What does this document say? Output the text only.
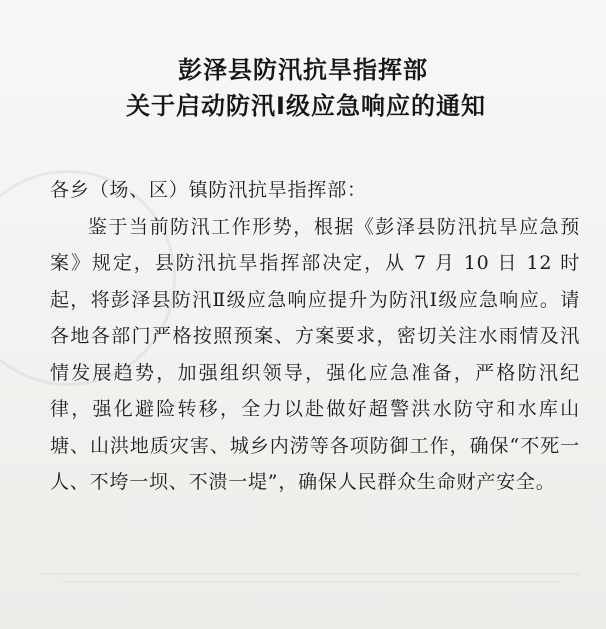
彭泽县防汛抗旱指挥部

关于启动防汛Ⅰ级应急响应的通知

各乡（场、区）镇防汛抗旱指挥部：

鉴于当前防汛工作形势，根据《彭泽县防汛抗旱应急预案》规定，县防汛抗旱指挥部决定，从 7 月 10 日 12 时起，将彭泽县防汛Ⅱ级应急响应提升为防汛Ⅰ级应急响应。请各地各部门严格按照预案、方案要求，密切关注水雨情及汛情发展趋势，加强组织领导，强化应急准备，严格防汛纪律，强化避险转移，全力以赴做好超警洪水防守和水库山塘、山洪地质灾害、城乡内涝等各项防御工作，确保“不死一人、不垮一坝、不溃一堤”，确保人民群众生命财产安全。
